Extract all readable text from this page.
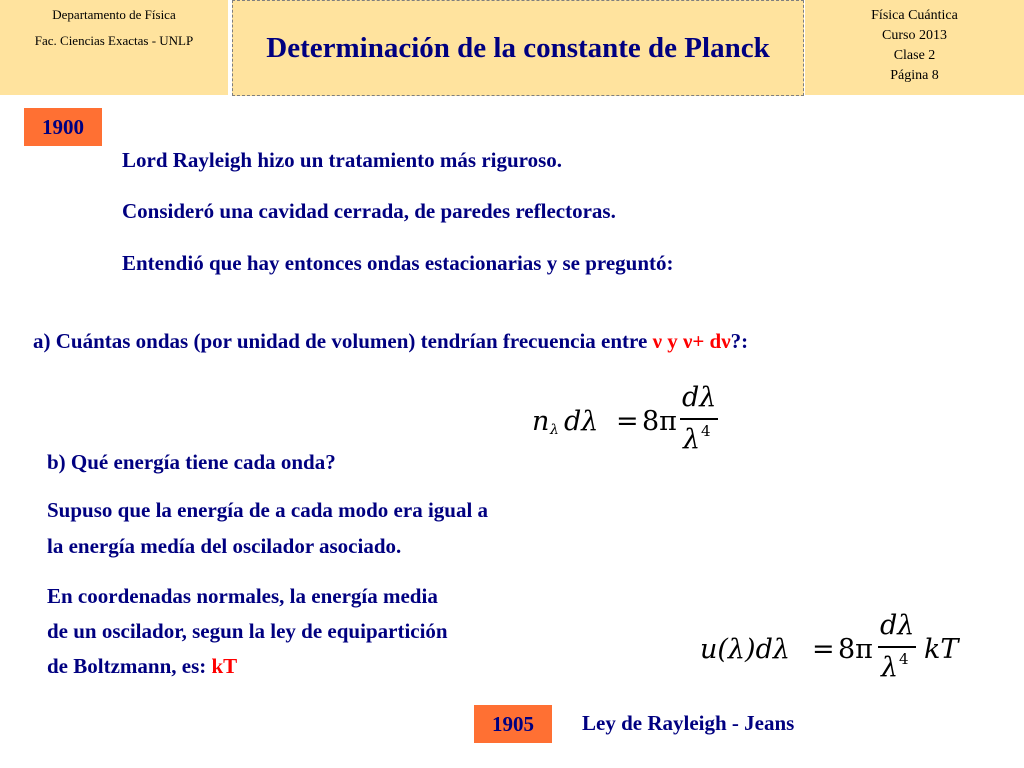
Departamento de Física
Fac. Ciencias Exactas - UNLP	Determinación de la constante de Planck
Física Cuántica
Curso 2013
Clase 2
Página 8
1900
Lord Rayleigh hizo un tratamiento más riguroso.
Consideró una cavidad cerrada, de paredes reflectoras.
Entendió que hay entonces ondas estacionarias y se preguntó:
a) Cuántas ondas (por unidad de volumen) tendrían frecuencia entre ν y ν+ dν?:
n λ dλ = 8π
dλ
λ 4
b) Qué energía tiene cada onda?
Supuso que la energía de a cada modo era igual a
la energía medía del oscilador asociado.
En coordenadas normales, la energía media
de un oscilador, segun la ley de equipartición
de Boltzmann, es: kT
u(λ)dλ = 8π
dλ
λ 4 kT
1905	Ley de Rayleigh - Jeans
